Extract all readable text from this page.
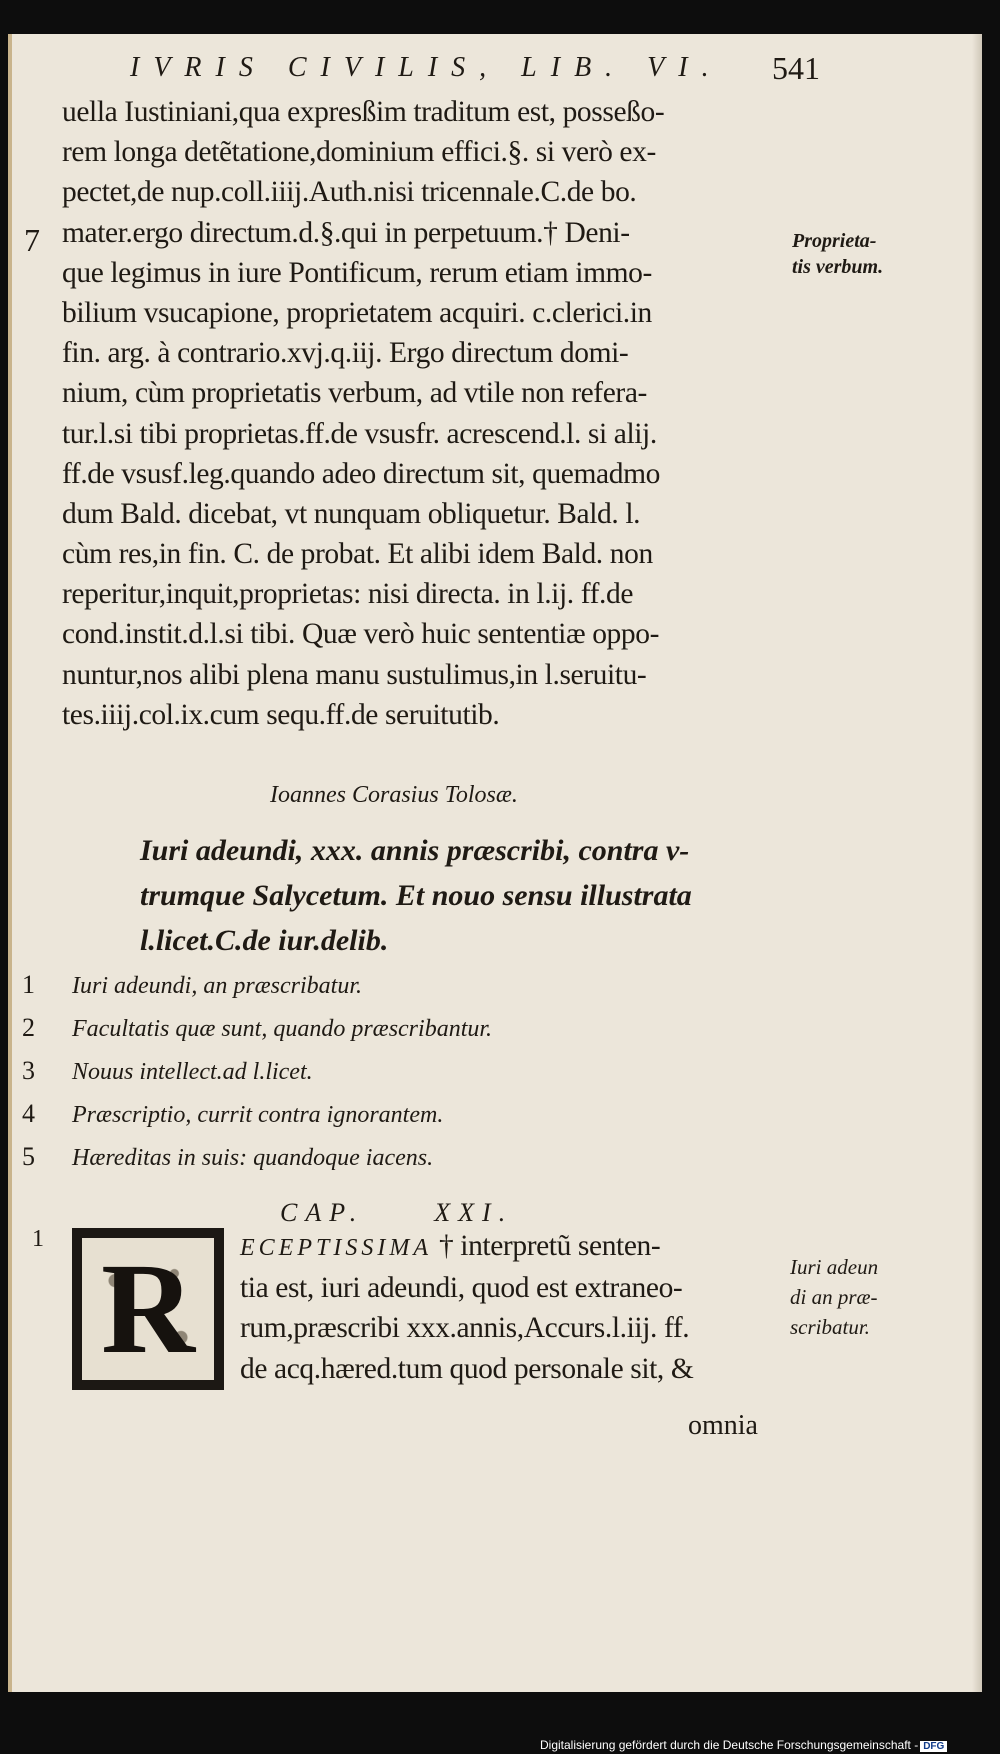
IVRIS CIVILIS, LIB. VI.	541
uella Iustiniani,qua expresßim traditum est, posseßo-
rem longa detẽtatione,dominium effici.§. si verò ex-
pectet,de nup.coll.iiij.Auth.nisi tricennale.C.de bo.
mater.ergo directum.d.§.qui in perpetuum.† Deni-
que legimus in iure Pontificum, rerum etiam immo-
bilium vsucapione, proprietatem acquiri. c.clerici.in
fin. arg. à contrario.xvj.q.iij. Ergo directum domi-
nium, cùm proprietatis verbum, ad vtile non refera-
tur.l.si tibi proprietas.ff.de vsusfr. acrescend.l. si alij.
ff.de vsusf.leg.quando adeo directum sit, quemadmo
dum Bald. dicebat, vt nunquam obliquetur. Bald. l.
cùm res,in fin. C. de probat. Et alibi idem Bald. non
reperitur,inquit,proprietas: nisi directa. in l.ij. ff.de
cond.instit.d.l.si tibi. Quæ verò huic sententiæ oppo-
nuntur,nos alibi plena manu sustulimus,in l.seruitu-
tes.iiij.col.ix.cum sequ.ff.de seruitutib.
7	Proprieta-
tis verbum.
Ioannes Corasius Tolosæ.
Iuri adeundi, xxx. annis præscribi, contra v-
trumque Salycetum. Et nouo sensu illustrata
l.licet.C.de iur.delib.
1	Iuri adeundi, an præscribatur.
2	Facultatis quæ sunt, quando præscribantur.
3	Nouus intellect.ad l.licet.
4	Præscriptio, currit contra ignorantem.
5	Hæreditas in suis: quandoque iacens.
CAP.	XXI.
1 R ECEPTISSIMA † interpretũ senten-
tia est, iuri adeundi, quod est extraneo-
rum,præscribi xxx.annis,Accurs.l.iij. ff.
de acq.hæred.tum quod personale sit, &
omnia
Iuri adeun
di an præ-
scribatur.
Digitalisierung gefördert durch die Deutsche Forschungsgemeinschaft - DFG
